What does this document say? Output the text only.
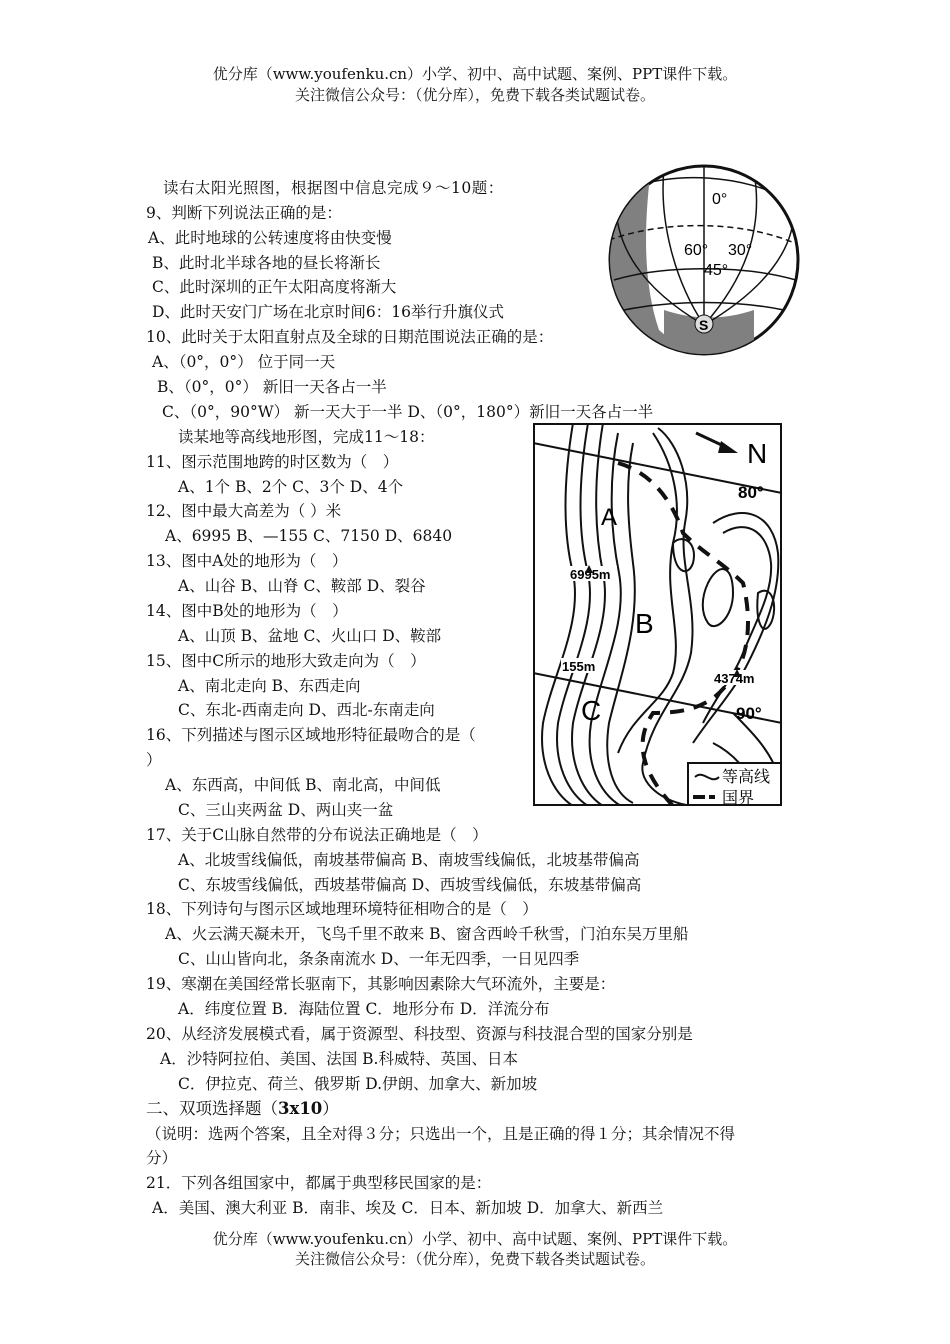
优分库（www.youfenku.cn）小学、初中、高中试题、案例、PPT课件下载。
关注微信公众号：（优分库），免费下载各类试题试卷。
0°
60° 30°
45°
S
N
80°
90°
A
B
C
6995m
155m
4374m
等高线
国界
读右太阳光照图，根据图中信息完成９～10题：
9、判断下列说法正确的是：
A、此时地球的公转速度将由快变慢
B、此时北半球各地的昼长将渐长
C、此时深圳的正午太阳高度将渐大
D、此时天安门广场在北京时间6：16举行升旗仪式
10、此时关于太阳直射点及全球的日期范围说法正确的是：
A、（0°，0°） 位于同一天
B、（0°，0°） 新旧一天各占一半
C、（0°，90°W） 新一天大于一半 D、（0°，180°）新旧一天各占一半
读某地等高线地形图，完成11～18：
11、图示范围地跨的时区数为（　）
A、1个 B、2个 C、3个 D、4个
12、图中最大高差为（ ）米
A、6995 B、—155 C、7150 D、6840
13、图中A处的地形为（　）
A、山谷 B、山脊 C、鞍部 D、裂谷
14、图中B处的地形为（　）
A、山顶 B、盆地 C、火山口 D、鞍部
15、图中C所示的地形大致走向为（　）
A、南北走向 B、东西走向
C、东北-西南走向 D、西北-东南走向
16、下列描述与图示区域地形特征最吻合的是（
）
A、东西高，中间低 B、南北高，中间低
C、三山夹两盆 D、两山夹一盆
17、关于C山脉自然带的分布说法正确地是（　）
A、北坡雪线偏低，南坡基带偏高 B、南坡雪线偏低，北坡基带偏高
C、东坡雪线偏低，西坡基带偏高 D、西坡雪线偏低，东坡基带偏高
18、下列诗句与图示区域地理环境特征相吻合的是（　）
A、火云满天凝未开，飞鸟千里不敢来 B、窗含西岭千秋雪，门泊东吴万里船
C、山山皆向北，条条南流水 D、一年无四季，一日见四季
19、寒潮在美国经常长驱南下，其影响因素除大气环流外，主要是：
A．纬度位置 B．海陆位置 C．地形分布 D．洋流分布
20、从经济发展模式看，属于资源型、科技型、资源与科技混合型的国家分别是
A．沙特阿拉伯、美国、法国 B.科威特、英国、日本
C．伊拉克、荷兰、俄罗斯 D.伊朗、加拿大、新加坡
二、双项选择题（3x10）
（说明：选两个答案，且全对得３分；只选出一个，且是正确的得１分；其余情况不得
分）
21．下列各组国家中，都属于典型移民国家的是：
A．美国、澳大利亚 B．南非、埃及 C．日本、新加坡 D．加拿大、新西兰
优分库（www.youfenku.cn）小学、初中、高中试题、案例、PPT课件下载。
关注微信公众号：（优分库），免费下载各类试题试卷。
